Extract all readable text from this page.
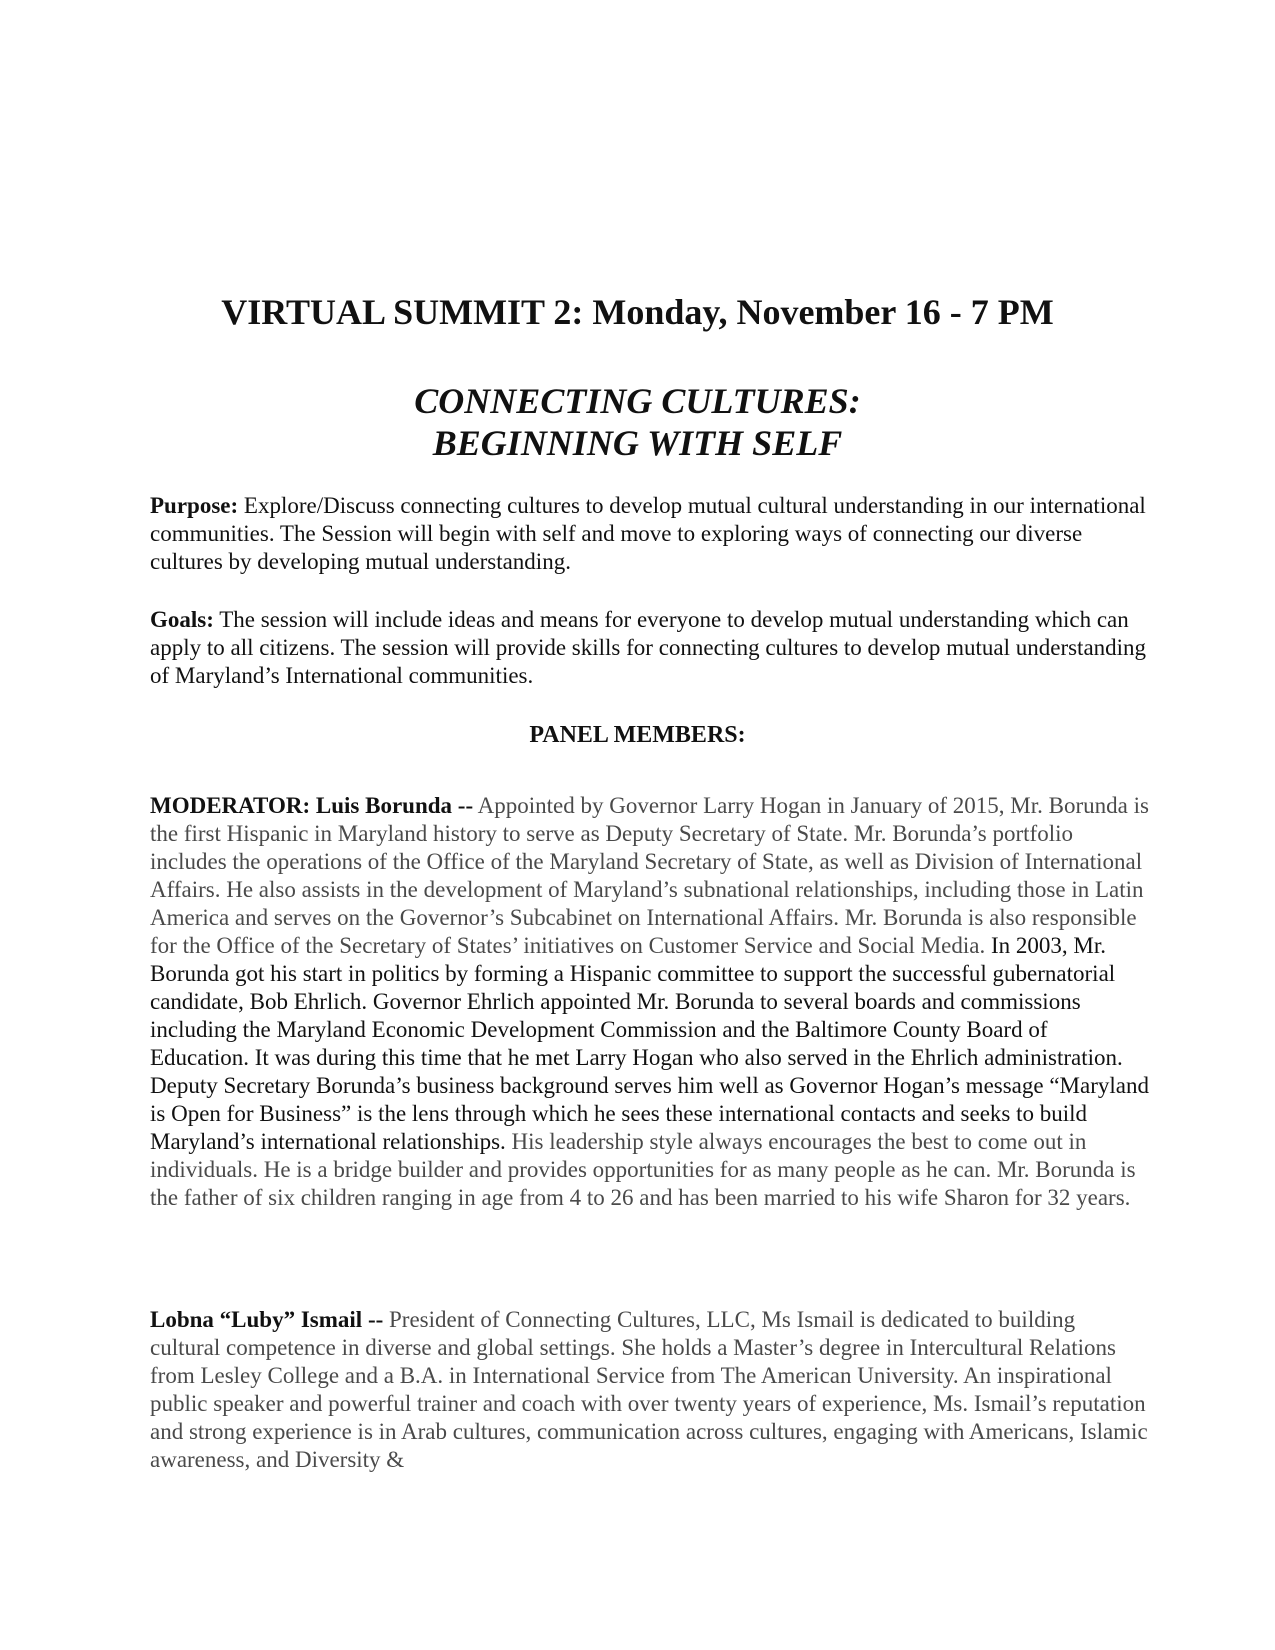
VIRTUAL SUMMIT 2: Monday, November 16 - 7 PM
CONNECTING CULTURES:
BEGINNING WITH SELF

Purpose: Explore/Discuss connecting cultures to develop mutual cultural understanding in our international communities. The Session will begin with self and move to exploring ways of connecting our diverse cultures by developing mutual understanding.

Goals: The session will include ideas and means for everyone to develop mutual understanding which can apply to all citizens. The session will provide skills for connecting cultures to develop mutual understanding of Maryland’s International communities.

PANEL MEMBERS:

MODERATOR: Luis Borunda -- Appointed by Governor Larry Hogan in January of 2015, Mr. Borunda is the first Hispanic in Maryland history to serve as Deputy Secretary of State. Mr. Borunda’s portfolio includes the operations of the Office of the Maryland Secretary of State, as well as Division of International Affairs. He also assists in the development of Maryland’s subnational relationships, including those in Latin America and serves on the Governor’s Subcabinet on International Affairs. Mr. Borunda is also responsible for the Office of the Secretary of States’ initiatives on Customer Service and Social Media. In 2003, Mr. Borunda got his start in politics by forming a Hispanic committee to support the successful gubernatorial candidate, Bob Ehrlich. Governor Ehrlich appointed Mr. Borunda to several boards and commissions including the Maryland Economic Development Commission and the Baltimore County Board of Education. It was during this time that he met Larry Hogan who also served in the Ehrlich administration. Deputy Secretary Borunda’s business background serves him well as Governor Hogan’s message “Maryland is Open for Business” is the lens through which he sees these international contacts and seeks to build Maryland’s international relationships. His leadership style always encourages the best to come out in individuals. He is a bridge builder and provides opportunities for as many people as he can. Mr. Borunda is the father of six children ranging in age from 4 to 26 and has been married to his wife Sharon for 32 years.

Lobna “Luby” Ismail -- President of Connecting Cultures, LLC, Ms Ismail is dedicated to building cultural competence in diverse and global settings. She holds a Master’s degree in Intercultural Relations from Lesley College and a B.A. in International Service from The American University. An inspirational public speaker and powerful trainer and coach with over twenty years of experience, Ms. Ismail’s reputation and strong experience is in Arab cultures, communication across cultures, engaging with Americans, Islamic awareness, and Diversity &
